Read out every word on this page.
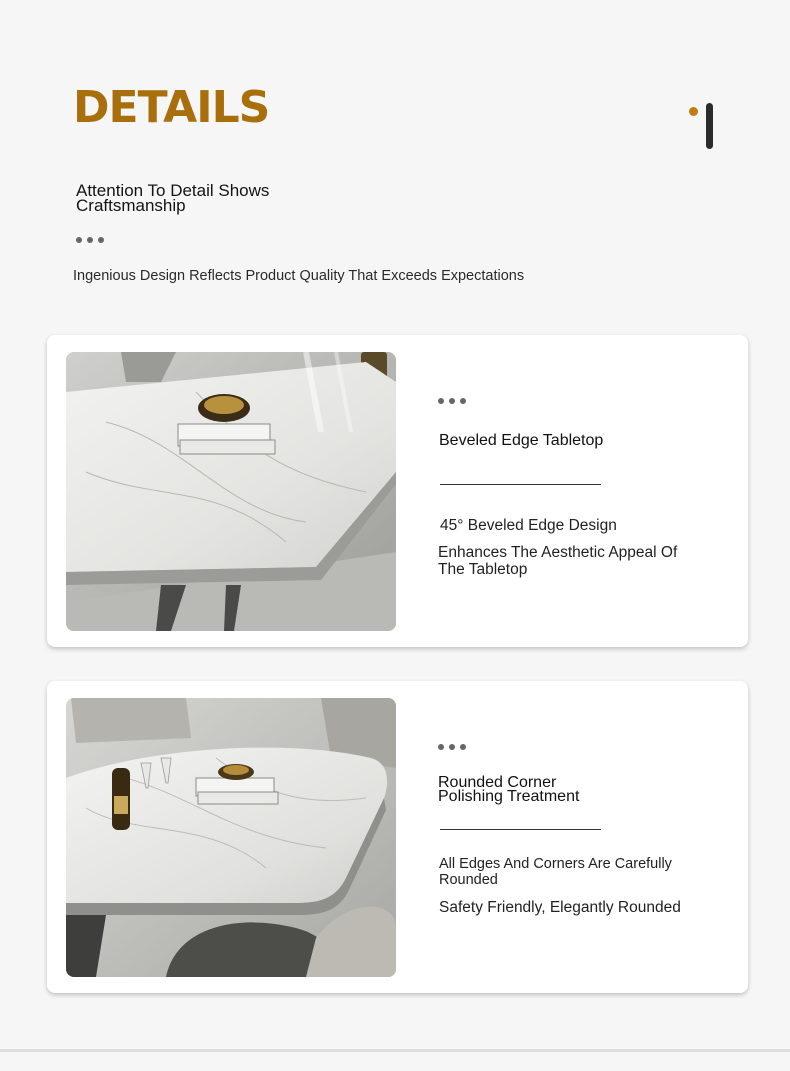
DETAILS
Attention To Detail Shows
Craftsmanship
Ingenious Design Reflects Product Quality That Exceeds Expectations
Beveled Edge Tabletop
45° Beveled Edge Design
Enhances The Aesthetic Appeal Of
The Tabletop
Rounded Corner
Polishing Treatment
All Edges And Corners Are Carefully
Rounded
Safety Friendly, Elegantly Rounded
